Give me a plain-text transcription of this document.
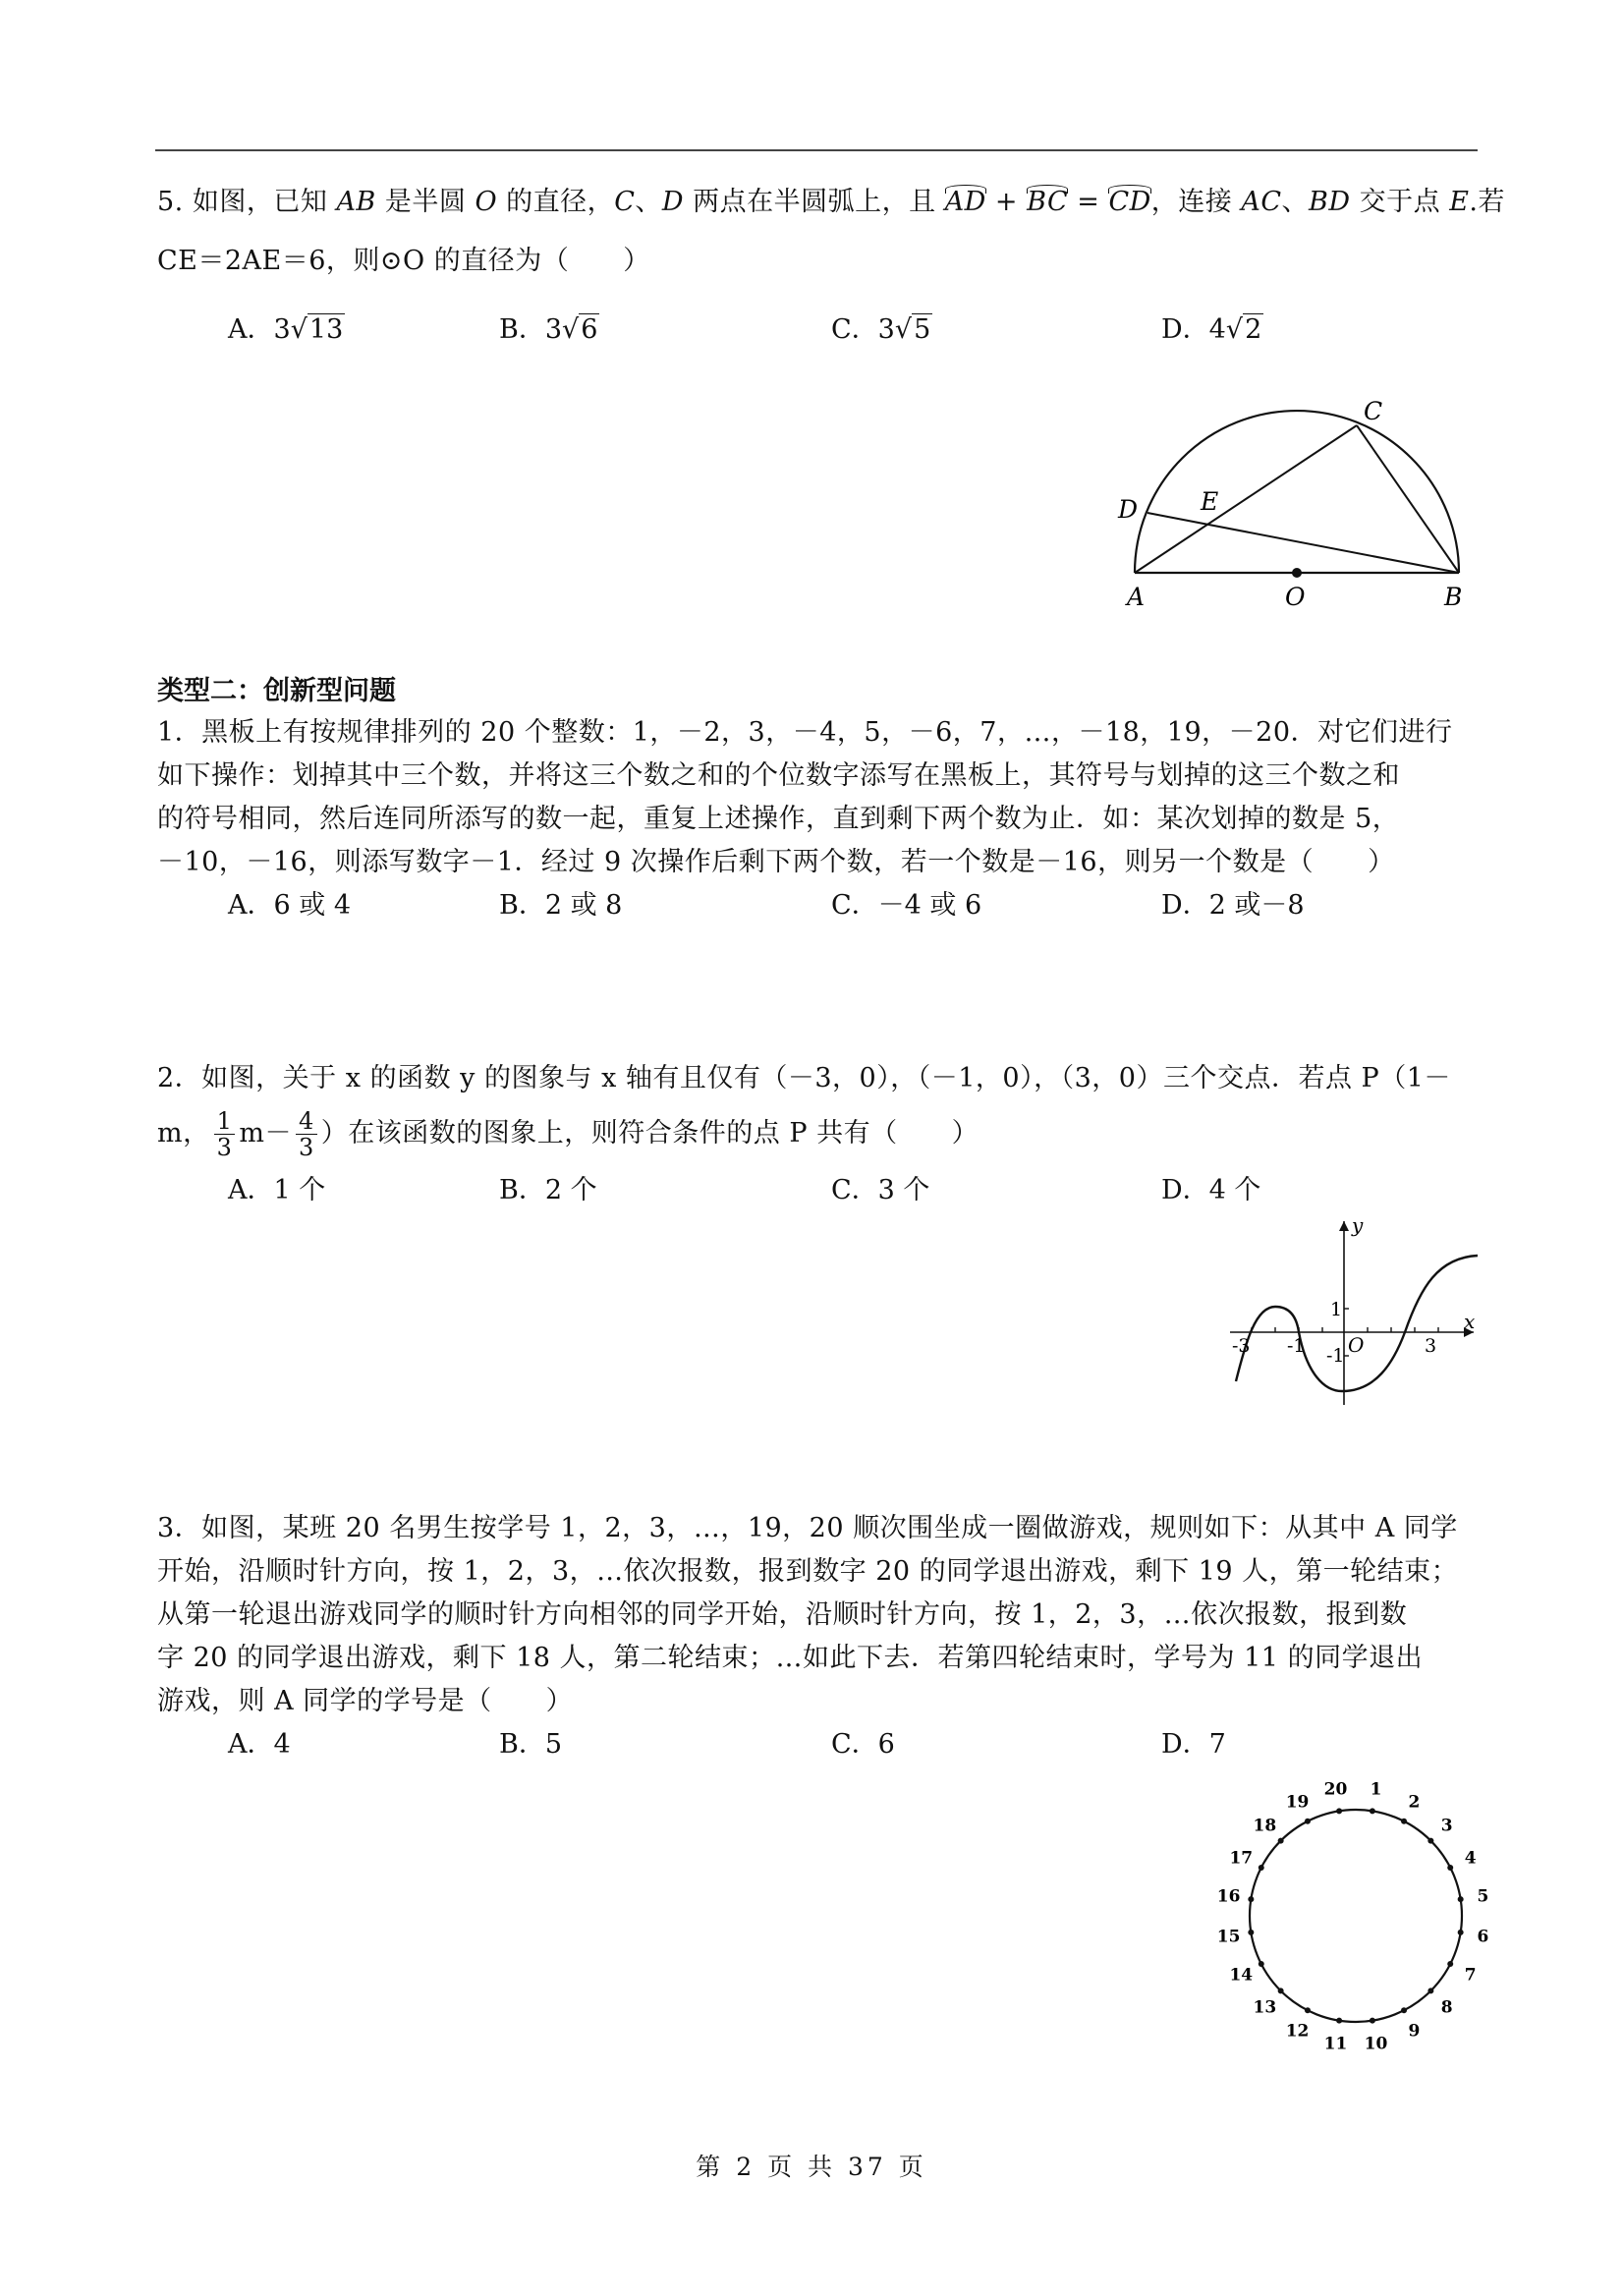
5. 如图，已知 AB 是半圆 O 的直径，C、D 两点在半圆弧上，且 AD + BC = CD，连接 AC、BD 交于点 E.若
CE＝2AE＝6，则⊙O 的直径为（　　）
A．3√13	B．3√6	C．3√5	D．4√2
A	O	B
C
D	E
类型二：创新型问题
1．黑板上有按规律排列的 20 个整数：1，－2，3，－4，5，－6，7，…，－18，19，－20．对它们进行
如下操作：划掉其中三个数，并将这三个数之和的个位数字添写在黑板上，其符号与划掉的这三个数之和
的符号相同，然后连同所添写的数一起，重复上述操作，直到剩下两个数为止．如：某次划掉的数是 5，
－10，－16，则添写数字－1．经过 9 次操作后剩下两个数，若一个数是－16，则另一个数是（　　）
A．6 或 4	B．2 或 8	C．－4 或 6	D．2 或－8
2．如图，关于 x 的函数 y 的图象与 x 轴有且仅有（－3，0），（－1，0），（3，0）三个交点．若点 P（1－
m， $\frac{1}{3} m- \frac{4}{3}$ ）在该函数的图象上，则符合条件的点 P 共有（　　）
A．1 个	B．2 个	C．3 个	D．4 个
y
x
O
1
-1
-3 -1	3
3．如图，某班 20 名男生按学号 1，2，3，…，19，20 顺次围坐成一圈做游戏，规则如下：从其中 A 同学
开始，沿顺时针方向，按 1，2，3，…依次报数，报到数字 20 的同学退出游戏，剩下 19 人，第一轮结束；
从第一轮退出游戏同学的顺时针方向相邻的同学开始，沿顺时针方向，按 1，2，3，…依次报数，报到数
字 20 的同学退出游戏，剩下 18 人，第二轮结束；…如此下去．若第四轮结束时，学号为 11 的同学退出
游戏，则 A 同学的学号是（　　）
A．4	B．5	C．6	D．7
1
2
3
4
5
6
7
8
9
10
11
12
13
14
15
16
17
18
19
20
第 2 页 共 37 页
